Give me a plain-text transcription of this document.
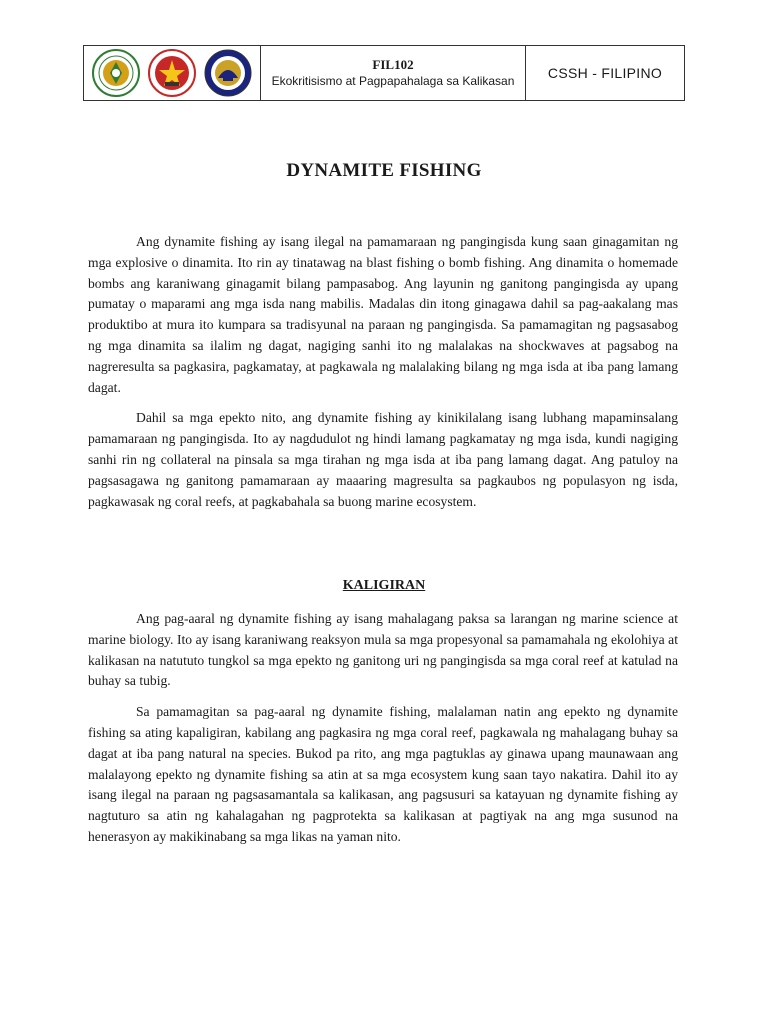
FIL102
Ekokritisismo at Pagpapahalaga sa Kalikasan	CSSH - FILIPINO
DYNAMITE FISHING

Ang dynamite fishing ay isang ilegal na pamamaraan ng pangingisda kung saan ginagamitan ng mga explosive o dinamita. Ito rin ay tinatawag na blast fishing o bomb fishing. Ang dinamita o homemade bombs ang karaniwang ginagamit bilang pampasabog. Ang layunin ng ganitong pangingisda ay upang pumatay o maparami ang mga isda nang mabilis. Madalas din itong ginagawa dahil sa pag-aakalang mas produktibo at mura ito kumpara sa tradisyunal na paraan ng pangingisda. Sa pamamagitan ng pagsasabog ng mga dinamita sa ilalim ng dagat, nagiging sanhi ito ng malalakas na shockwaves at pagsabog na nagreresulta sa pagkasira, pagkamatay, at pagkawala ng malalaking bilang ng mga isda at iba pang lamang dagat.

Dahil sa mga epekto nito, ang dynamite fishing ay kinikilalang isang lubhang mapaminsalang pamamaraan ng pangingisda. Ito ay nagdudulot ng hindi lamang pagkamatay ng mga isda, kundi nagiging sanhi rin ng collateral na pinsala sa mga tirahan ng mga isda at iba pang lamang dagat. Ang patuloy na pagsasagawa ng ganitong pamamaraan ay maaaring magresulta sa pagkaubos ng populasyon ng isda, pagkawasak ng coral reefs, at pagkabahala sa buong marine ecosystem.

KALIGIRAN

Ang pag-aaral ng dynamite fishing ay isang mahalagang paksa sa larangan ng marine science at marine biology. Ito ay isang karaniwang reaksyon mula sa mga propesyonal sa pamamahala ng ekolohiya at kalikasan na natututo tungkol sa mga epekto ng ganitong uri ng pangingisda sa mga coral reef at katulad na buhay sa tubig.

Sa pamamagitan sa pag-aaral ng dynamite fishing, malalaman natin ang epekto ng dynamite fishing sa ating kapaligiran, kabilang ang pagkasira ng mga coral reef, pagkawala ng mahalagang buhay sa dagat at iba pang natural na species. Bukod pa rito, ang mga pagtuklas ay ginawa upang maunawaan ang malalayong epekto ng dynamite fishing sa atin at sa mga ecosystem kung saan tayo nakatira. Dahil ito ay isang ilegal na paraan ng pagsasamantala sa kalikasan, ang pagsusuri sa katayuan ng dynamite fishing ay nagtuturo sa atin ng kahalagahan ng pagprotekta sa kalikasan at pagtiyak na ang mga susunod na henerasyon ay makikinabang sa mga likas na yaman nito.
